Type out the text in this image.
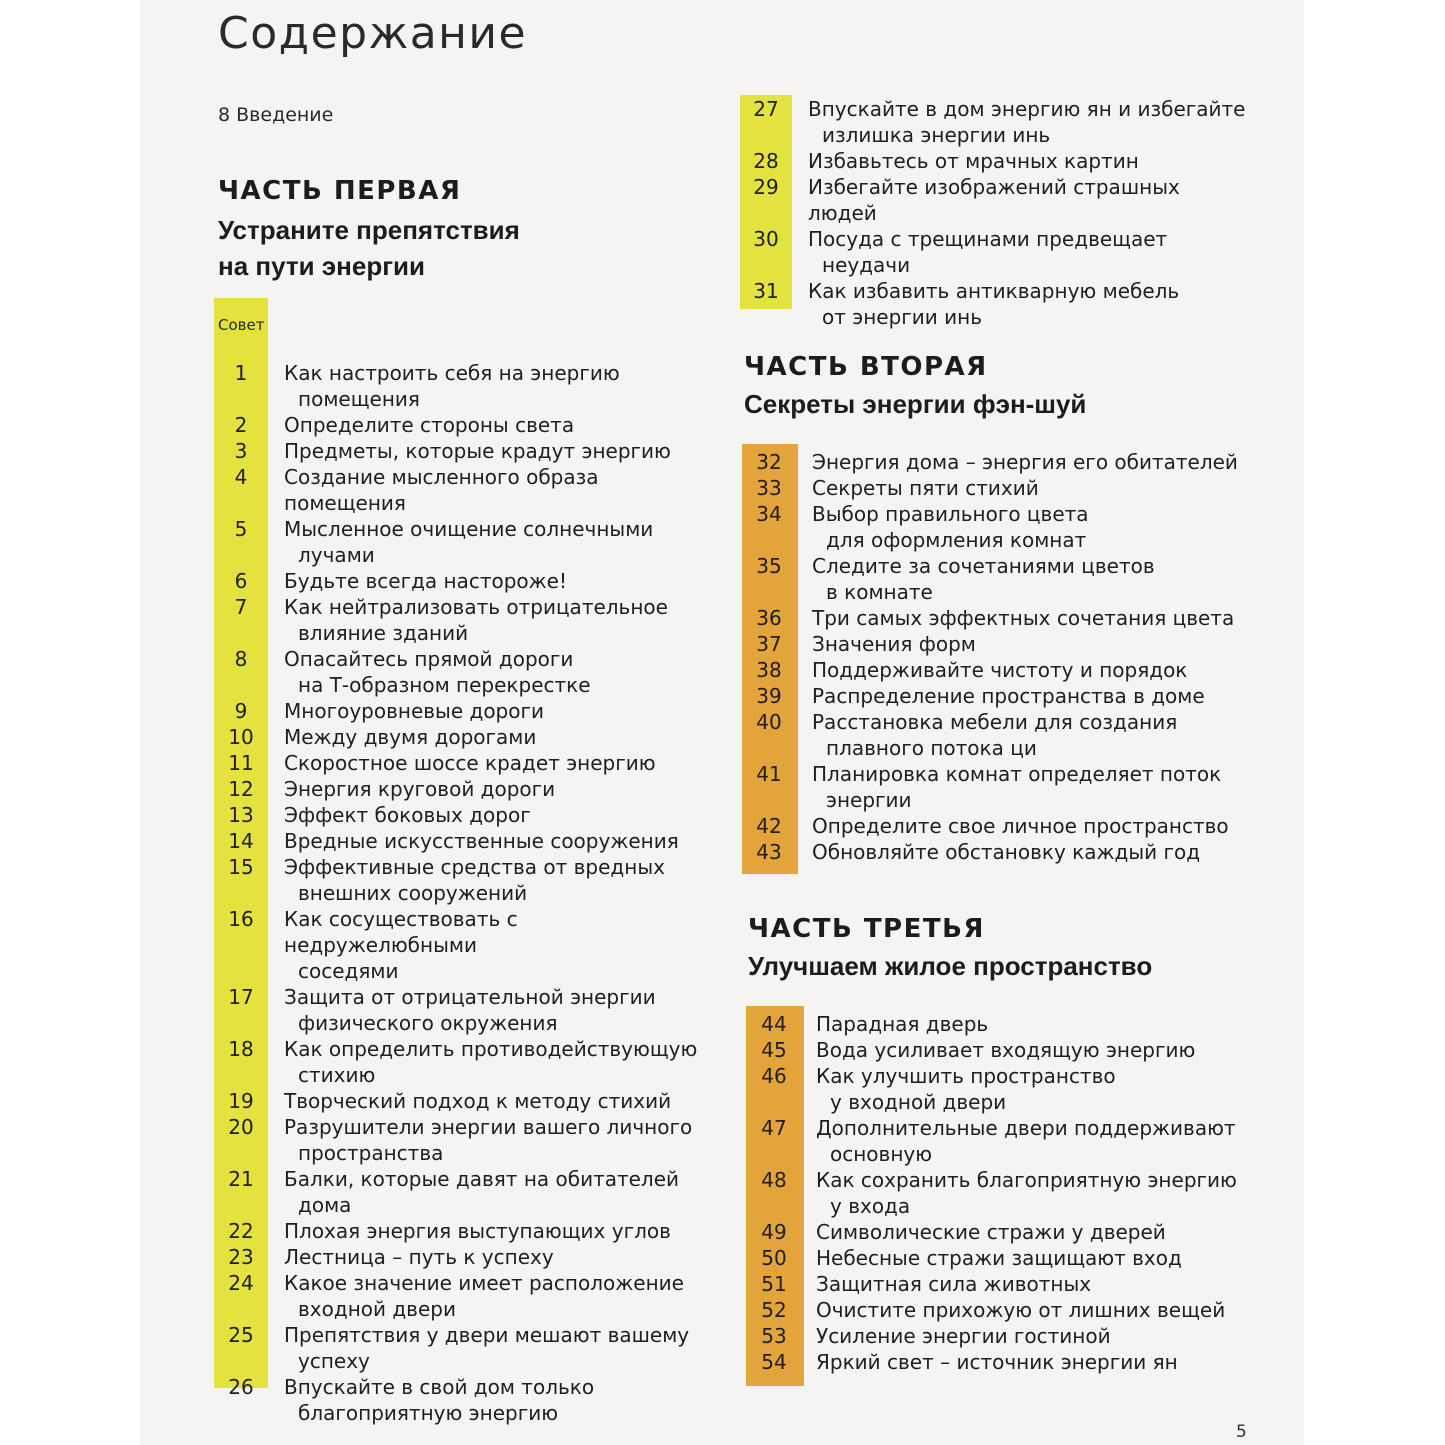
Содержание
8 Введение
ЧАСТЬ ПЕРВАЯ
Устраните препятствия
на пути энергии
ЧАСТЬ ВТОРАЯ
Секреты энергии фэн-шуй
ЧАСТЬ ТРЕТЬЯ
Улучшаем жилое пространство
Совет
1	Как настроить себя на энергию
помещения
2	Определите стороны света
3	Предметы, которые крадут энергию
4	Создание мысленного образа помещения
5	Мысленное очищение солнечными
лучами
6	Будьте всегда настороже!
7	Как нейтрализовать отрицательное
влияние зданий
8	Опасайтесь прямой дороги
на Т-образном перекрестке
9	Многоуровневые дороги
10	Между двумя дорогами
11	Скоростное шоссе крадет энергию
12	Энергия круговой дороги
13	Эффект боковых дорог
14	Вредные искусственные сооружения
15	Эффективные средства от вредных
внешних сооружений
16	Как сосуществовать с недружелюбными
соседями
17	Защита от отрицательной энергии
физического окружения
18	Как определить противодействующую
стихию
19	Творческий подход к методу стихий
20	Разрушители энергии вашего личного
пространства
21	Балки, которые давят на обитателей
дома
22	Плохая энергия выступающих углов
23	Лестница – путь к успеху
24	Какое значение имеет расположение
входной двери
25	Препятствия у двери мешают вашему
успеху
26	Впускайте в свой дом только
благоприятную энергию
27	Впускайте в дом энергию ян и избегайте
излишка энергии инь
28	Избавьтесь от мрачных картин
29	Избегайте изображений страшных людей
30	Посуда с трещинами предвещает
неудачи
31	Как избавить антикварную мебель
от энергии инь
32	Энергия дома – энергия его обитателей
33	Секреты пяти стихий
34	Выбор правильного цвета
для оформления комнат
35	Следите за сочетаниями цветов
в комнате
36	Три самых эффектных сочетания цвета
37	Значения форм
38	Поддерживайте чистоту и порядок
39	Распределение пространства в доме
40	Расстановка мебели для создания
плавного потока ци
41	Планировка комнат определяет поток
энергии
42	Определите свое личное пространство
43	Обновляйте обстановку каждый год
44	Парадная дверь
45	Вода усиливает входящую энергию
46	Как улучшить пространство
у входной двери
47	Дополнительные двери поддерживают
основную
48	Как сохранить благоприятную энергию
у входа
49	Символические стражи у дверей
50	Небесные стражи защищают вход
51	Защитная сила животных
52	Очистите прихожую от лишних вещей
53	Усиление энергии гостиной
54	Яркий свет – источник энергии ян
5
